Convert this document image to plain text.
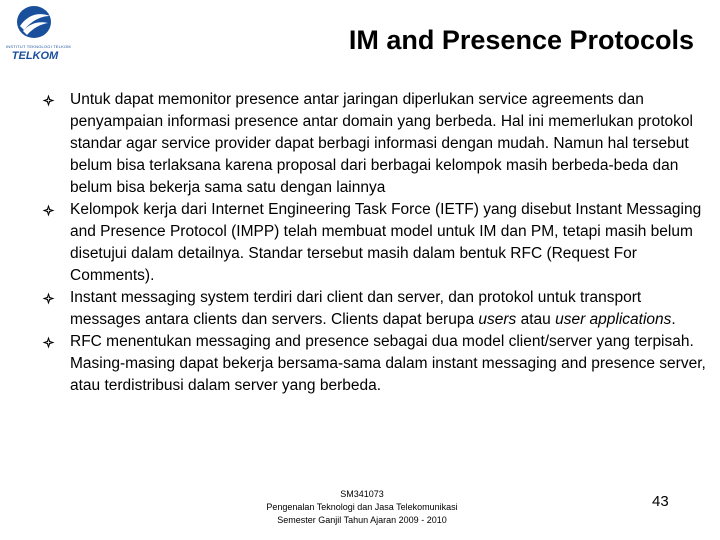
INSTITUT TEKNOLOGI TELKOM
TELKOM
IM and Presence Protocols
Untuk dapat memonitor presence antar jaringan diperlukan service agreements dan penyampaian informasi presence antar domain yang berbeda. Hal ini memerlukan protokol standar agar service provider dapat berbagi informasi dengan mudah. Namun hal tersebut belum bisa terlaksana karena proposal dari berbagai kelompok masih berbeda-beda dan belum bisa bekerja sama satu dengan lainnya
Kelompok kerja dari Internet Engineering Task Force (IETF) yang disebut Instant Messaging and Presence Protocol (IMPP) telah membuat model untuk IM dan PM, tetapi masih belum disetujui dalam detailnya. Standar tersebut masih dalam bentuk RFC (Request For Comments).
Instant messaging system terdiri dari client dan server, dan protokol untuk transport messages antara clients dan servers. Clients dapat berupa users atau user applications.
RFC menentukan messaging and presence sebagai dua model client/server yang terpisah. Masing-masing dapat bekerja bersama-sama dalam instant messaging and presence server, atau terdistribusi dalam server yang berbeda.
SM341073
Pengenalan Teknologi dan Jasa Telekomunikasi
Semester Ganjil Tahun Ajaran 2009 - 2010
43
